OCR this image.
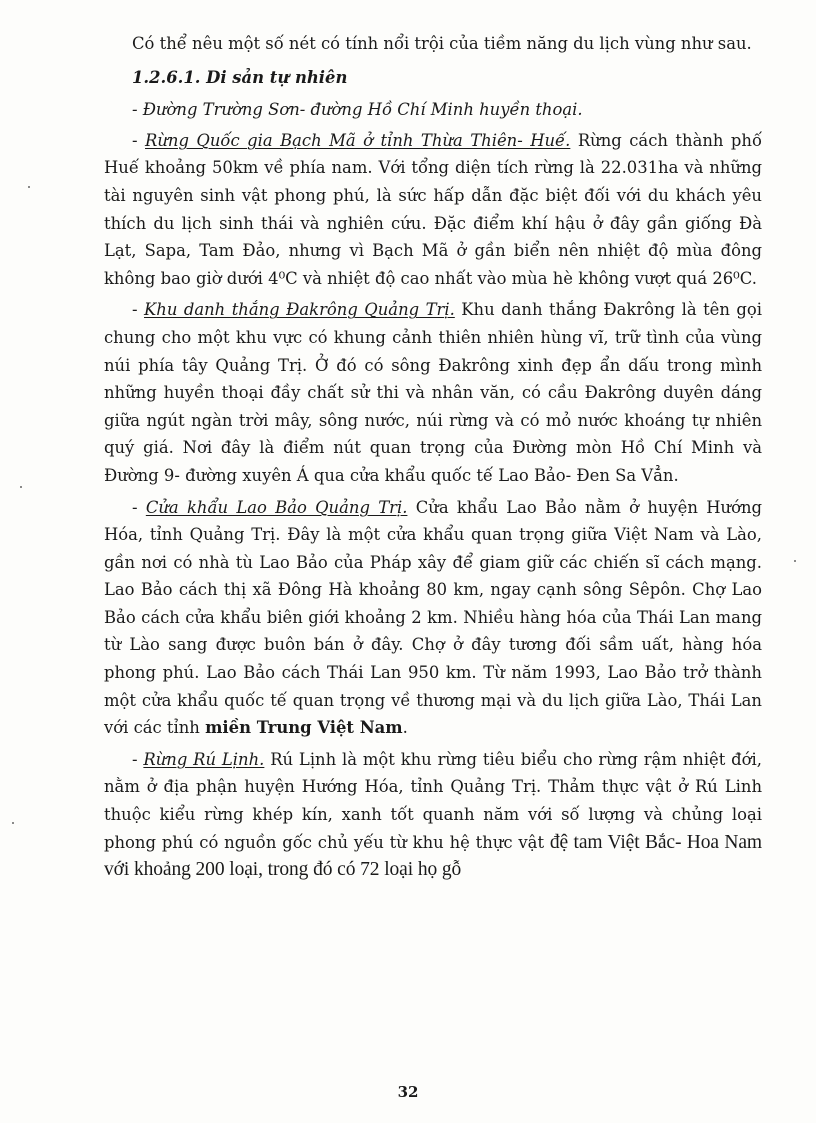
Có thể nêu một số nét có tính nổi trội của tiềm năng du lịch vùng như sau.

1.2.6.1. Di sản tự nhiên

- Đường Trường Sơn- đường Hồ Chí Minh huyền thoại.

- Rừng Quốc gia Bạch Mã ở tỉnh Thừa Thiên- Huế. Rừng cách thành phố Huế khoảng 50km về phía nam. Với tổng diện tích rừng là 22.031ha và những tài nguyên sinh vật phong phú, là sức hấp dẫn đặc biệt đối với du khách yêu thích du lịch sinh thái và nghiên cứu. Đặc điểm khí hậu ở đây gần giống Đà Lạt, Sapa, Tam Đảo, nhưng vì Bạch Mã ở gần biển nên nhiệt độ mùa đông không bao giờ dưới 4⁰C và nhiệt độ cao nhất vào mùa hè không vượt quá 26⁰C.

- Khu danh thắng Đakrông Quảng Trị. Khu danh thắng Đakrông là tên gọi chung cho một khu vực có khung cảnh thiên nhiên hùng vĩ, trữ tình của vùng núi phía tây Quảng Trị. Ở đó có sông Đakrông xinh đẹp ẩn dấu trong mình những huyền thoại đầy chất sử thi và nhân văn, có cầu Đakrông duyên dáng giữa ngút ngàn trời mây, sông nước, núi rừng và có mỏ nước khoáng tự nhiên quý giá. Nơi đây là điểm nút quan trọng của Đường mòn Hồ Chí Minh và Đường 9- đường xuyên Á qua cửa khẩu quốc tế Lao Bảo- Đen Sa Vẳn.

- Cửa khẩu Lao Bảo Quảng Trị. Cửa khẩu Lao Bảo nằm ở huyện Hướng Hóa, tỉnh Quảng Trị. Đây là một cửa khẩu quan trọng giữa Việt Nam và Lào, gần nơi có nhà tù Lao Bảo của Pháp xây để giam giữ các chiến sĩ cách mạng. Lao Bảo cách thị xã Đông Hà khoảng 80 km, ngay cạnh sông Sêpôn. Chợ Lao Bảo cách cửa khẩu biên giới khoảng 2 km. Nhiều hàng hóa của Thái Lan mang từ Lào sang được buôn bán ở đây. Chợ ở đây tương đối sầm uất, hàng hóa phong phú. Lao Bảo cách Thái Lan 950 km. Từ năm 1993, Lao Bảo trở thành một cửa khẩu quốc tế quan trọng về thương mại và du lịch giữa Lào, Thái Lan với các tỉnh miền Trung Việt Nam.

- Rừng Rú Lịnh. Rú Lịnh là một khu rừng tiêu biểu cho rừng rậm nhiệt đới, nằm ở địa phận huyện Hướng Hóa, tỉnh Quảng Trị. Thảm thực vật ở Rú Linh thuộc kiểu rừng khép kín, xanh tốt quanh năm với số lượng và chủng loại phong phú có nguồn gốc chủ yếu từ khu hệ thực vật đệ tam Việt Bắc- Hoa Nam với khoảng 200 loại, trong đó có 72 loại họ gỗ

32
